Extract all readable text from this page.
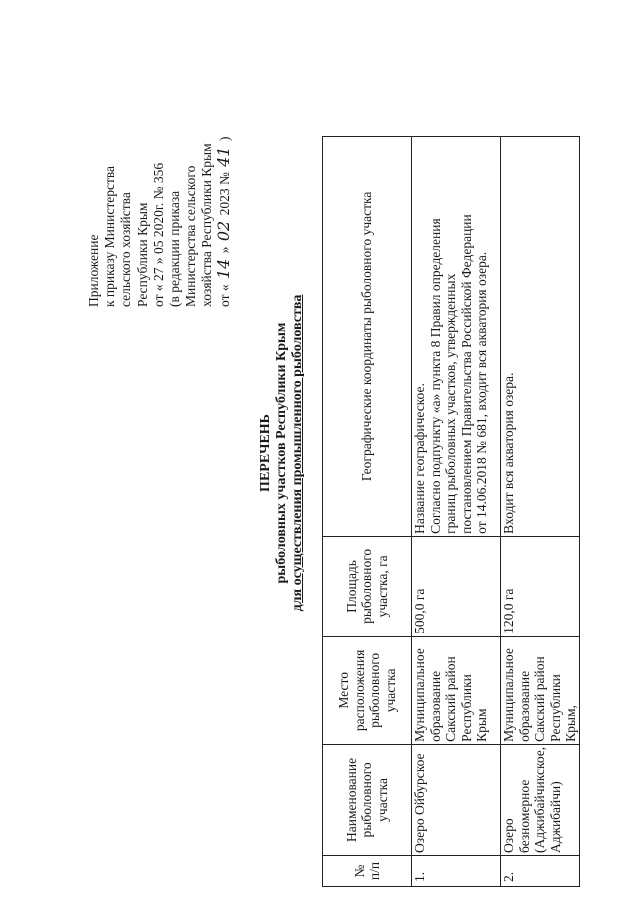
Приложение к приказу Министерства сельского хозяйства Республики Крым от « 27 » 05 2020г. № 356 (в редакции приказа Министерства сельского хозяйства Республики Крым от « 14 » 02 2023 № 41 )
ПЕРЕЧЕНЬ рыболовных участков Республики Крым для осуществления промышленного рыболовства
№ п/п	Наименование рыболовного участка	Место расположения рыболовного участка	Площадь рыболовного участка, га	Географические координаты рыболовного участка
1.	Озеро Ойбурское	Муниципальное образование Сакский район Республики Крым	500,0 га	Название географическое. Согласно подпункту «а» пункта 8 Правил определения границ рыболовных участков, утвержденных постановлением Правительства Российской Федерации от 14.06.2018 № 681, входит вся акватория озера.

2.	Озеро безномерное (Аджибайчикское, Аджибайчи)	Муниципальное образование Сакский район Республики Крым,	120,0 га	Входит вся акватория озера.
